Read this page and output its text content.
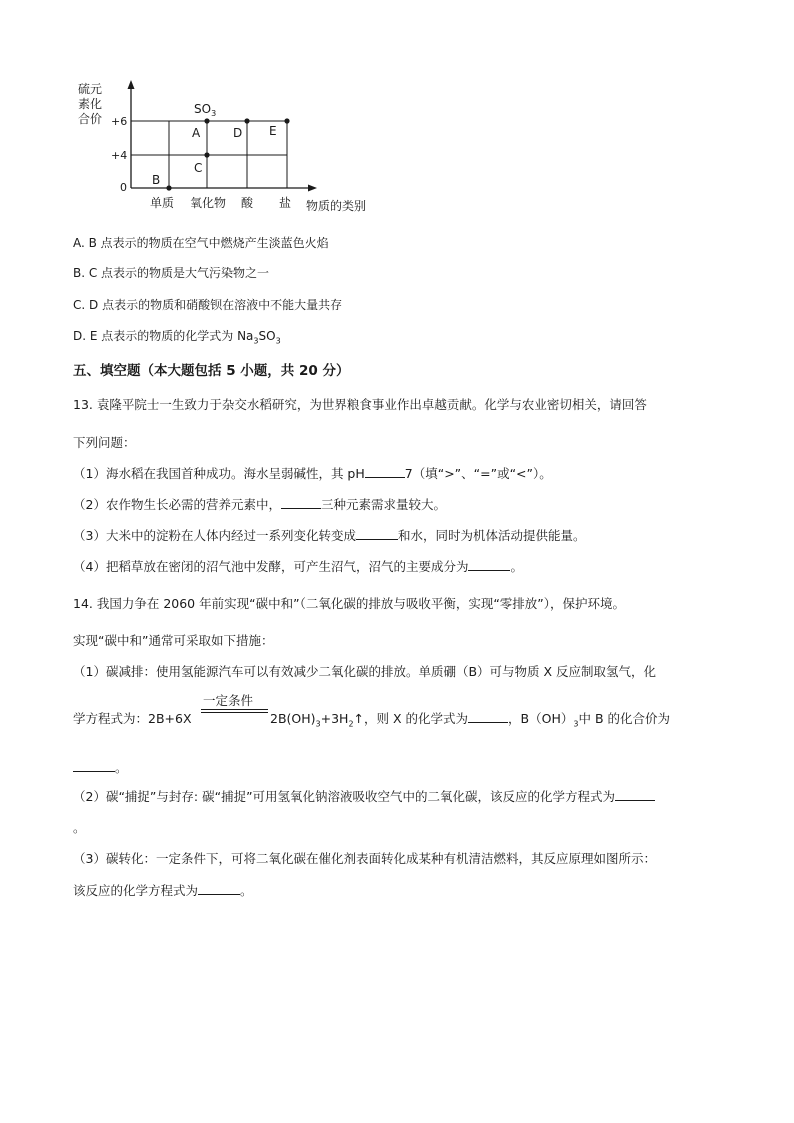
硫元
素化
合价 +6
+4
0
$SO_3$
A	D E
C
B
单质 氧化物 酸 盐 物质的类别
A. B 点表示的物质在空气中燃烧产生淡蓝色火焰
B. C 点表示的物质是大气污染物之一
C. D 点表示的物质和硝酸钡在溶液中不能大量共存
D. E 点表示的物质的化学式为 $Na_3SO_3$
五、填空题（本大题包括 5 小题，共 20 分）
13. 袁隆平院士一生致力于杂交水稻研究，为世界粮食事业作出卓越贡献。化学与农业密切相关，请回答
下列问题：
（1）海水稻在我国首种成功。海水呈弱碱性，其 pH	7（填“>”、“=”或“<”）。
（2）农作物生长必需的营养元素中，	三种元素需求量较大。
（3）大米中的淀粉在人体内经过一系列变化转变成	和水，同时为机体活动提供能量。
（4）把稻草放在密闭的沼气池中发酵，可产生沼气，沼气的主要成分为	。
14. 我国力争在 2060 年前实现“碳中和”（二氧化碳的排放与吸收平衡，实现“零排放”），保护环境。
实现“碳中和”通常可采取如下措施：
（1）碳减排：使用氢能源汽车可以有效减少二氧化碳的排放。单质硼（B）可与物质 X 反应制取氢气，化
一定条件
学方程式为：2B+6X	$2B(OH)_3+3H_2↑$，则 X 的化学式为	，$B(OH)_3$中 B 的化合价为
。
（2）碳“捕捉”与封存: 碳“捕捉”可用氢氧化钠溶液吸收空气中的二氧化碳，该反应的化学方程式为
。
（3）碳转化：一定条件下，可将二氧化碳在催化剂表面转化成某种有机清洁燃料，其反应原理如图所示：
该反应的化学方程式为	。
